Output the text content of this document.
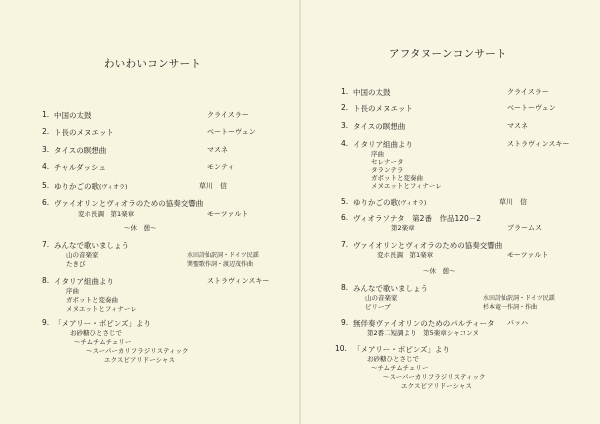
わいわいコンサート
1. 中国の太鼓	クライスラー
2. ト長のメヌエット	ベートーヴェン
3. タイスの瞑想曲	マスネ
4. チャルダッシュ	モンティ
5. ゆりかごの歌(ヴィオラ)	草川　信
6. ヴァイオリンとヴィオラのための協奏交響曲
変ホ長調　第1楽章	モーツァルト
～休　憩～
7. みんなで歌いましょう
山の音楽家	水田詩仙訳詞・ドイツ民謡
たきび	巽聖歌作詞・渡辺茂作曲
8. イタリア組曲より	ストラヴィンスキー
序曲
ガボットと変奏曲
メヌエットとフィナーレ
9. 「メアリー・ポピンズ」より
お砂糖ひとさじで
～チムチムチェリー
～スーパーカリフラジリスティック
エクスピアリドーシャス
アフタヌーンコンサート
1. 中国の太鼓	クライスラー
2. ト長のメヌエット	ベートーヴェン
3. タイスの瞑想曲	マスネ
4. イタリア組曲より	ストラヴィンスキー
序曲
セレナータ
タランテラ
ガボットと変奏曲
メヌエットとフィナーレ
5. ゆりかごの歌(ヴィオラ)	草川　信
6. ヴィオラソナタ　第2番　作品120－2
第2楽章	ブラームス
7. ヴァイオリンとヴィオラのための協奏交響曲
変ホ長調　第1楽章	モーツァルト
～休　憩～
8. みんなで歌いましょう
山の音楽家	水田詩仙訳詞・ドイツ民謡
ピリーブ	杉本竜一作詞・作曲
9. 無伴奏ヴァイオリンのためのパルティータ バッハ
第2番二短調より　第5楽章シャコンヌ
10. 「メアリー・ポピンズ」より
お砂糖ひとさじで
～チムチムチェリー
～スーパーカリフラジリスティック
エクスピアリドーシャス
